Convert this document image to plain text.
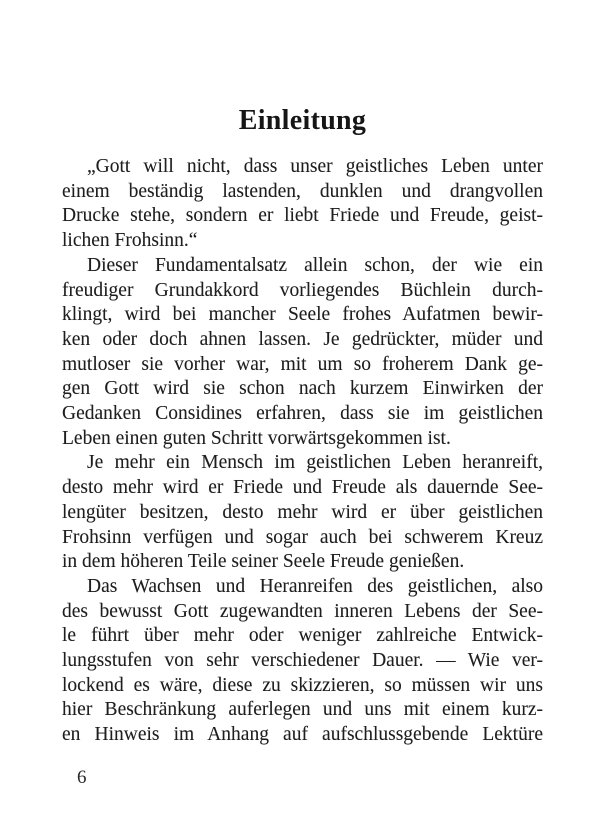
Einleitung
„Gott will nicht, dass unser geistliches Leben unter
einem beständig lastenden, dunklen und drangvollen
Drucke stehe, sondern er liebt Friede und Freude, geist-
lichen Frohsinn.“
Dieser Fundamentalsatz allein schon, der wie ein
freudiger Grundakkord vorliegendes Büchlein durch-
klingt, wird bei mancher Seele frohes Aufatmen bewir-
ken oder doch ahnen lassen. Je gedrückter, müder und
mutloser sie vorher war, mit um so froherem Dank ge-
gen Gott wird sie schon nach kurzem Einwirken der
Gedanken Considines erfahren, dass sie im geistlichen
Leben einen guten Schritt vorwärtsgekommen ist.
Je mehr ein Mensch im geistlichen Leben heranreift,
desto mehr wird er Friede und Freude als dauernde See-
lengüter besitzen, desto mehr wird er über geistlichen
Frohsinn verfügen und sogar auch bei schwerem Kreuz
in dem höheren Teile seiner Seele Freude genießen.
Das Wachsen und Heranreifen des geistlichen, also
des bewusst Gott zugewandten inneren Lebens der See-
le führt über mehr oder weniger zahlreiche Entwick-
lungsstufen von sehr verschiedener Dauer. — Wie ver-
lockend es wäre, diese zu skizzieren, so müssen wir uns
hier Beschränkung auferlegen und uns mit einem kurz-
en Hinweis im Anhang auf aufschlussgebende Lektüre
6
